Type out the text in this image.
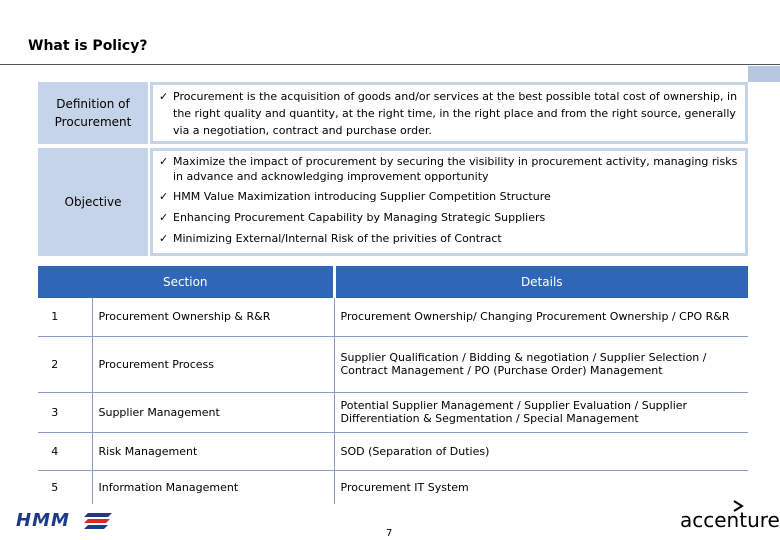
What is Policy?
Definition of Procurement
✓ Procurement is the acquisition of goods and/or services at the best possible total cost of ownership, in the right quality and quantity, at the right time, in the right place and from the right source, generally via a negotiation, contract and purchase order.
Objective
✓ Maximize the impact of procurement by securing the visibility in procurement activity, managing risks in advance and acknowledging improvement opportunity
✓ HMM Value Maximization introducing Supplier Competition Structure
✓ Enhancing Procurement Capability by Managing Strategic Suppliers
✓ Minimizing External/Internal Risk of the privities of Contract
Section		Details
1	Procurement Ownership & R&R	Procurement Ownership/ Changing Procurement Ownership / CPO R&R
2	Procurement Process	Supplier Qualification / Bidding & negotiation / Supplier Selection / Contract Management / PO (Purchase Order) Management
3	Supplier Management	Potential Supplier Management / Supplier Evaluation / Supplier Differentiation & Segmentation / Special Management
4	Risk Management	SOD (Separation of Duties)
5	Information Management	Procurement IT System
HMM
7
accenture
